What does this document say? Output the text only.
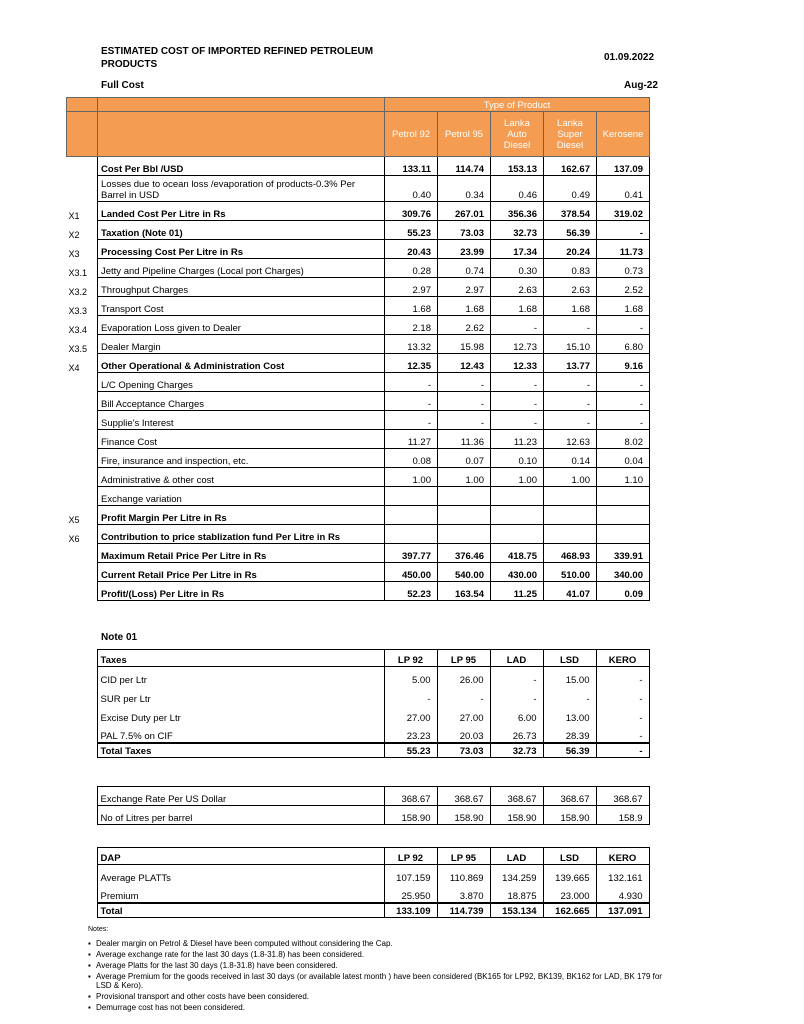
ESTIMATED COST OF IMPORTED REFINED PETROLEUM PRODUCTS
01.09.2022
Full Cost	Aug-22
		Type of Product				
		Petrol 92	Petrol 95	Lanka Auto Diesel	Lanka Super Diesel	Kerosene
	Cost Per Bbl /USD	133.11	114.74	153.13	162.67	137.09
	Losses due to ocean loss /evaporation of products-0.3% Per Barrel in USD	0.40	0.34	0.46	0.49	0.41
X1	Landed Cost Per Litre in Rs	309.76	267.01	356.36	378.54	319.02
X2	Taxation (Note 01)	55.23	73.03	32.73	56.39	-
X3	Processing Cost Per Litre in Rs	20.43	23.99	17.34	20.24	11.73
X3.1	Jetty and Pipeline Charges (Local port Charges)	0.28	0.74	0.30	0.83	0.73
X3.2	Throughput Charges	2.97	2.97	2.63	2.63	2.52
X3.3	Transport Cost	1.68	1.68	1.68	1.68	1.68
X3.4	Evaporation Loss given to Dealer	2.18	2.62	-	-	-
X3.5	Dealer Margin	13.32	15.98	12.73	15.10	6.80
X4	Other Operational & Administration Cost	12.35	12.43	12.33	13.77	9.16
	L/C Opening Charges	-	-	-	-	-
	Bill Acceptance Charges	-	-	-	-	-
	Supplie's Interest	-	-	-	-	-
	Finance Cost	11.27	11.36	11.23	12.63	8.02
	Fire, insurance and inspection, etc.	0.08	0.07	0.10	0.14	0.04
	Administrative & other cost	1.00	1.00	1.00	1.00	1.10
	Exchange variation					
X5	Profit Margin Per Litre in Rs					
X6	Contribution to price stablization fund Per Litre in Rs					
	Maximum Retail Price Per Litre in Rs	397.77	376.46	418.75	468.93	339.91
	Current Retail Price Per Litre in Rs	450.00	540.00	430.00	510.00	340.00
	Profit/(Loss) Per Litre in Rs	52.23	163.54	11.25	41.07	0.09
Note 01
	Taxes	LP 92	LP 95	LAD	LSD	KERO
	CID per Ltr	5.00	26.00	-	15.00	-
	SUR per Ltr	-	-	-	-	-
	Excise Duty per Ltr	27.00	27.00	6.00	13.00	-
	PAL 7.5% on CIF	23.23	20.03	26.73	28.39	-
	Total Taxes	55.23	73.03	32.73	56.39	-
	Exchange Rate Per US Dollar	368.67	368.67	368.67	368.67	368.67
	No of Litres per barrel	158.90	158.90	158.90	158.90	158.9
	DAP	LP 92	LP 95	LAD	LSD	KERO
	Average PLATTs	107.159	110.869	134.259	139.665	132.161
	Premium	25.950	3.870	18.875	23.000	4.930
	Total	133.109	114.739	153.134	162.665	137.091
Notes:
▪ Dealer margin on Petrol & Diesel have been computed without considering the Cap.
▪ Average exchange rate for the last 30 days (1.8-31.8) has been considered.
▪ Average Platts for the last 30 days (1.8-31.8) have been considered.
▪ Average Premium for the goods received in last 30 days (or available latest month ) have been considered (BK165 for LP92, BK139, BK162 for LAD, BK 179 for LSD & Kero).
▪ Provisional transport and other costs have been considered.
▪ Demurrage cost has not been considered.
